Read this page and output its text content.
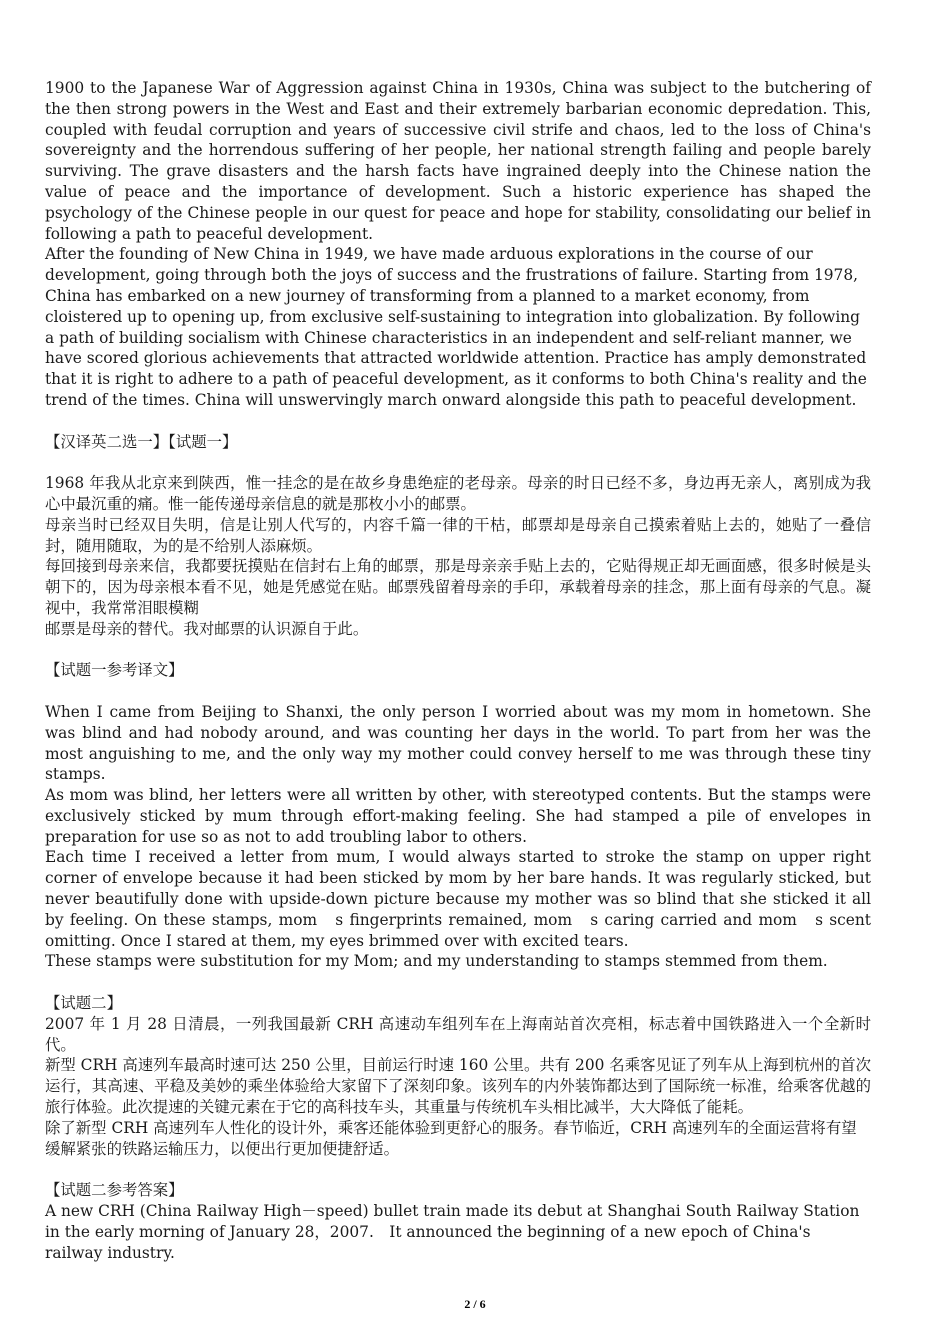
1900 to the Japanese War of Aggression against China in 1930s, China was subject to the butchering of the then strong powers in the West and East and their extremely barbarian economic depredation. This, coupled with feudal corruption and years of successive civil strife and chaos, led to the loss of China's sovereignty and the horrendous suffering of her people, her national strength failing and people barely surviving. The grave disasters and the harsh facts have ingrained deeply into the Chinese nation the value of peace and the importance of development. Such a historic experience has shaped the psychology of the Chinese people in our quest for peace and hope for stability, consolidating our belief in following a path to peaceful development.

After the founding of New China in 1949, we have made arduous explorations in the course of our development, going through both the joys of success and the frustrations of failure. Starting from 1978, China has embarked on a new journey of transforming from a planned to a market economy, from cloistered up to opening up, from exclusive self-sustaining to integration into globalization. By following a path of building socialism with Chinese characteristics in an independent and self-reliant manner, we have scored glorious achievements that attracted worldwide attention. Practice has amply demonstrated that it is right to adhere to a path of peaceful development, as it conforms to both China's reality and the trend of the times. China will unswervingly march onward alongside this path to peaceful development.

【汉译英二选一】【试题一】

1968 年我从北京来到陕西，惟一挂念的是在故乡身患绝症的老母亲。母亲的时日已经不多，身边再无亲人，离别成为我心中最沉重的痛。惟一能传递母亲信息的就是那枚小小的邮票。

母亲当时已经双目失明，信是让别人代写的，内容千篇一律的干枯，邮票却是母亲自己摸索着贴上去的，她贴了一叠信封，随用随取，为的是不给别人添麻烦。

每回接到母亲来信，我都要抚摸贴在信封右上角的邮票，那是母亲亲手贴上去的，它贴得规正却无画面感，很多时候是头朝下的，因为母亲根本看不见，她是凭感觉在贴。邮票残留着母亲的手印，承载着母亲的挂念，那上面有母亲的气息。凝视中，我常常泪眼模糊

邮票是母亲的替代。我对邮票的认识源自于此。

【试题一参考译文】

When I came from Beijing to Shanxi, the only person I worried about was my mom in hometown. She was blind and had nobody around, and was counting her days in the world. To part from her was the most anguishing to me, and the only way my mother could convey herself to me was through these tiny stamps.

As mom was blind, her letters were all written by other, with stereotyped contents. But the stamps were exclusively sticked by mum through effort-making feeling. She had stamped a pile of envelopes in preparation for use so as not to add troubling labor to others.

Each time I received a letter from mum, I would always started to stroke the stamp on upper right corner of envelope because it had been sticked by mom by her bare hands. It was regularly sticked, but never beautifully done with upside-down picture because my mother was so blind that she sticked it all by feeling. On these stamps, mom　s fingerprints remained, mom　s caring carried and mom　s scent omitting. Once I stared at them, my eyes brimmed over with excited tears.

These stamps were substitution for my Mom; and my understanding to stamps stemmed from them.

【试题二】

2007 年 1 月 28 日清晨，一列我国最新 CRH 高速动车组列车在上海南站首次亮相，标志着中国铁路进入一个全新时代。

新型 CRH 高速列车最高时速可达 250 公里，目前运行时速 160 公里。共有 200 名乘客见证了列车从上海到杭州的首次运行，其高速、平稳及美妙的乘坐体验给大家留下了深刻印象。该列车的内外装饰都达到了国际统一标准，给乘客优越的旅行体验。此次提速的关键元素在于它的高科技车头，其重量与传统机车头相比减半，大大降低了能耗。

除了新型 CRH 高速列车人性化的设计外，乘客还能体验到更舒心的服务。春节临近，CRH 高速列车的全面运营将有望缓解紧张的铁路运输压力，以便出行更加便捷舒适。

【试题二参考答案】

A new CRH (China Railway High－speed) bullet train made its debut at Shanghai South Railway Station in the early morning of January 28，2007.　It announced the beginning of a new epoch of China's railway industry.

2 / 6
